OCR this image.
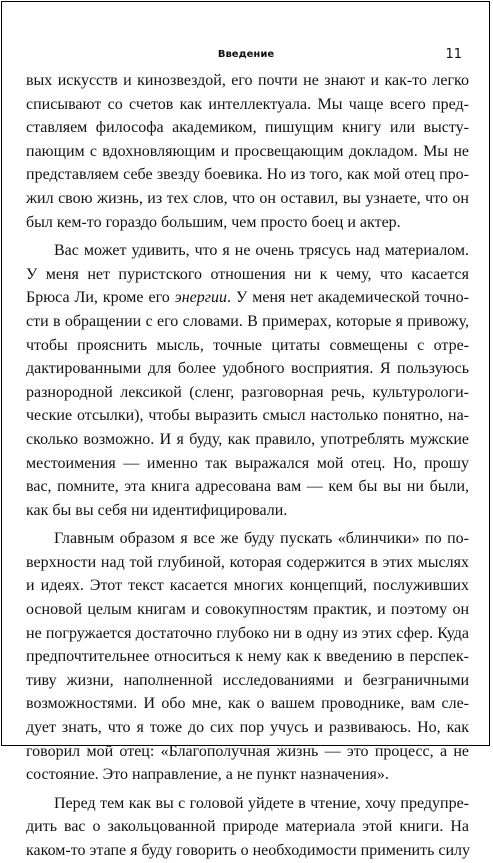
Введение	11
вых искусств и кинозвездой, его почти не знают и как-то легко
списывают со счетов как интеллектуала. Мы чаще всего пред-
ставляем философа академиком, пишущим книгу или высту-
пающим с вдохновляющим и просвещающим докладом. Мы не
представляем себе звезду боевика. Но из того, как мой отец про-
жил свою жизнь, из тех слов, что он оставил, вы узнаете, что он
был кем-то гораздо большим, чем просто боец и актер.
Вас может удивить, что я не очень трясусь над материалом.
У меня нет пуристского отношения ни к чему, что касается
Брюса Ли, кроме его энергии. У меня нет академической точно-
сти в обращении с его словами. В примерах, которые я привожу,
чтобы прояснить мысль, точные цитаты совмещены с отре-
дактированными для более удобного восприятия. Я пользуюсь
разнородной лексикой (сленг, разговорная речь, культурологи-
ческие отсылки), чтобы выразить смысл настолько понятно, на-
сколько возможно. И я буду, как правило, употреблять мужские
местоимения — именно так выражался мой отец. Но, прошу
вас, помните, эта книга адресована вам — кем бы вы ни были,
как бы вы себя ни идентифицировали.
Главным образом я все же буду пускать «блинчики» по по-
верхности над той глубиной, которая содержится в этих мыслях
и идеях. Этот текст касается многих концепций, послуживших
основой целым книгам и совокупностям практик, и поэтому он
не погружается достаточно глубоко ни в одну из этих сфер. Куда
предпочтительнее относиться к нему как к введению в перспек-
тиву жизни, наполненной исследованиями и безграничными
возможностями. И обо мне, как о вашем проводнике, вам сле-
дует знать, что я тоже до сих пор учусь и развиваюсь. Но, как
говорил мой отец: «Благополучная жизнь — это процесс, а не
состояние. Это направление, а не пункт назначения».
Перед тем как вы с головой уйдете в чтение, хочу предупре-
дить вас о закольцованной природе материала этой книги. На
каком-то этапе я буду говорить о необходимости применить силу
